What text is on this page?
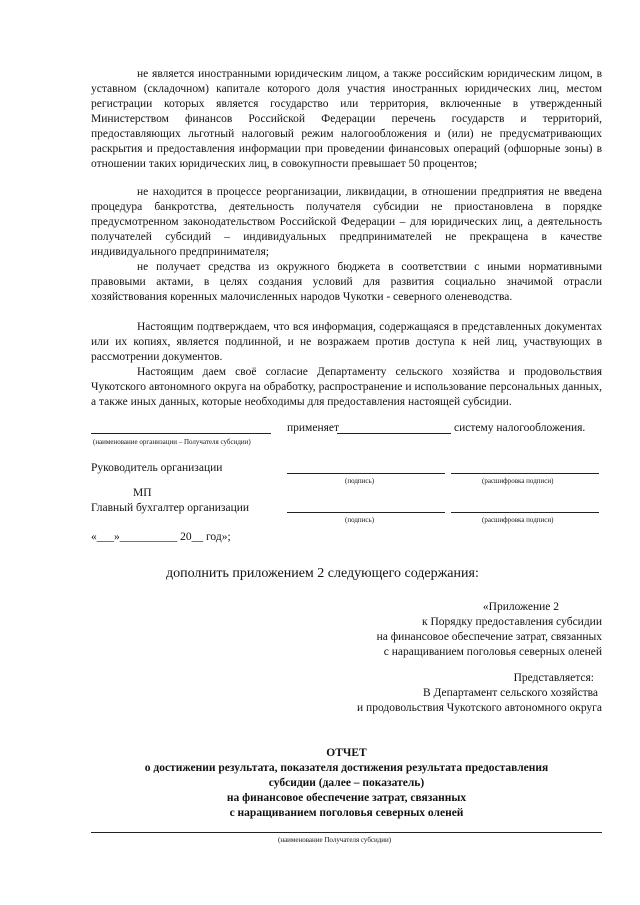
не является иностранными юридическим лицом, а также российским юридическим лицом, в уставном (складочном) капитале которого доля участия иностранных юридических лиц, местом регистрации которых является государство или территория, включенные в утвержденный Министерством финансов Российской Федерации перечень государств и территорий, предоставляющих льготный налоговый режим налогообложения и (или) не предусматривающих раскрытия и предоставления информации при проведении финансовых операций (офшорные зоны) в отношении таких юридических лиц, в совокупности превышает 50 процентов;

не находится в процессе реорганизации, ликвидации, в отношении предприятия не введена процедура банкротства, деятельность получателя субсидии не приостановлена в порядке предусмотренном законодательством Российской Федерации – для юридических лиц, а деятельность получателей субсидий – индивидуальных предпринимателей не прекращена в качестве индивидуального предпринимателя;

не получает средства из окружного бюджета в соответствии с иными нормативными правовыми актами, в целях создания условий для развития социально значимой отрасли хозяйствования коренных малочисленных народов Чукотки - северного оленеводства.

Настоящим подтверждаем, что вся информация, содержащаяся в представленных документах или их копиях, является подлинной, и не возражаем против доступа к ней лиц, участвующих в рассмотрении документов.

Настоящим даем своё согласие Департаменту сельского хозяйства и продовольствия Чукотского автономного округа на обработку, распространение и использование персональных данных, а также иных данных, которые необходимы для предоставления настоящей субсидии.

применяет	систему налогообложения.
(наименование организации – Получателя субсидии)
Руководитель организации
(подпись)	(расшифровка подписи)
МП
Главный бухгалтер организации
(подпись)	(расшифровка подписи)
«___»__________ 20__ год»;
дополнить приложением 2 следующего содержания:
«Приложение 2
к Порядку предоставления субсидии
на финансовое обеспечение затрат, связанных
с наращиванием поголовья северных оленей
Представляется:
В Департамент сельского хозяйства
и продовольствия Чукотского автономного округа
ОТЧЕТ
о достижении результата, показателя достижения результата предоставления
субсидии (далее – показатель)
на финансовое обеспечение затрат, связанных
с наращиванием поголовья северных оленей
(наименование Получателя субсидии)
